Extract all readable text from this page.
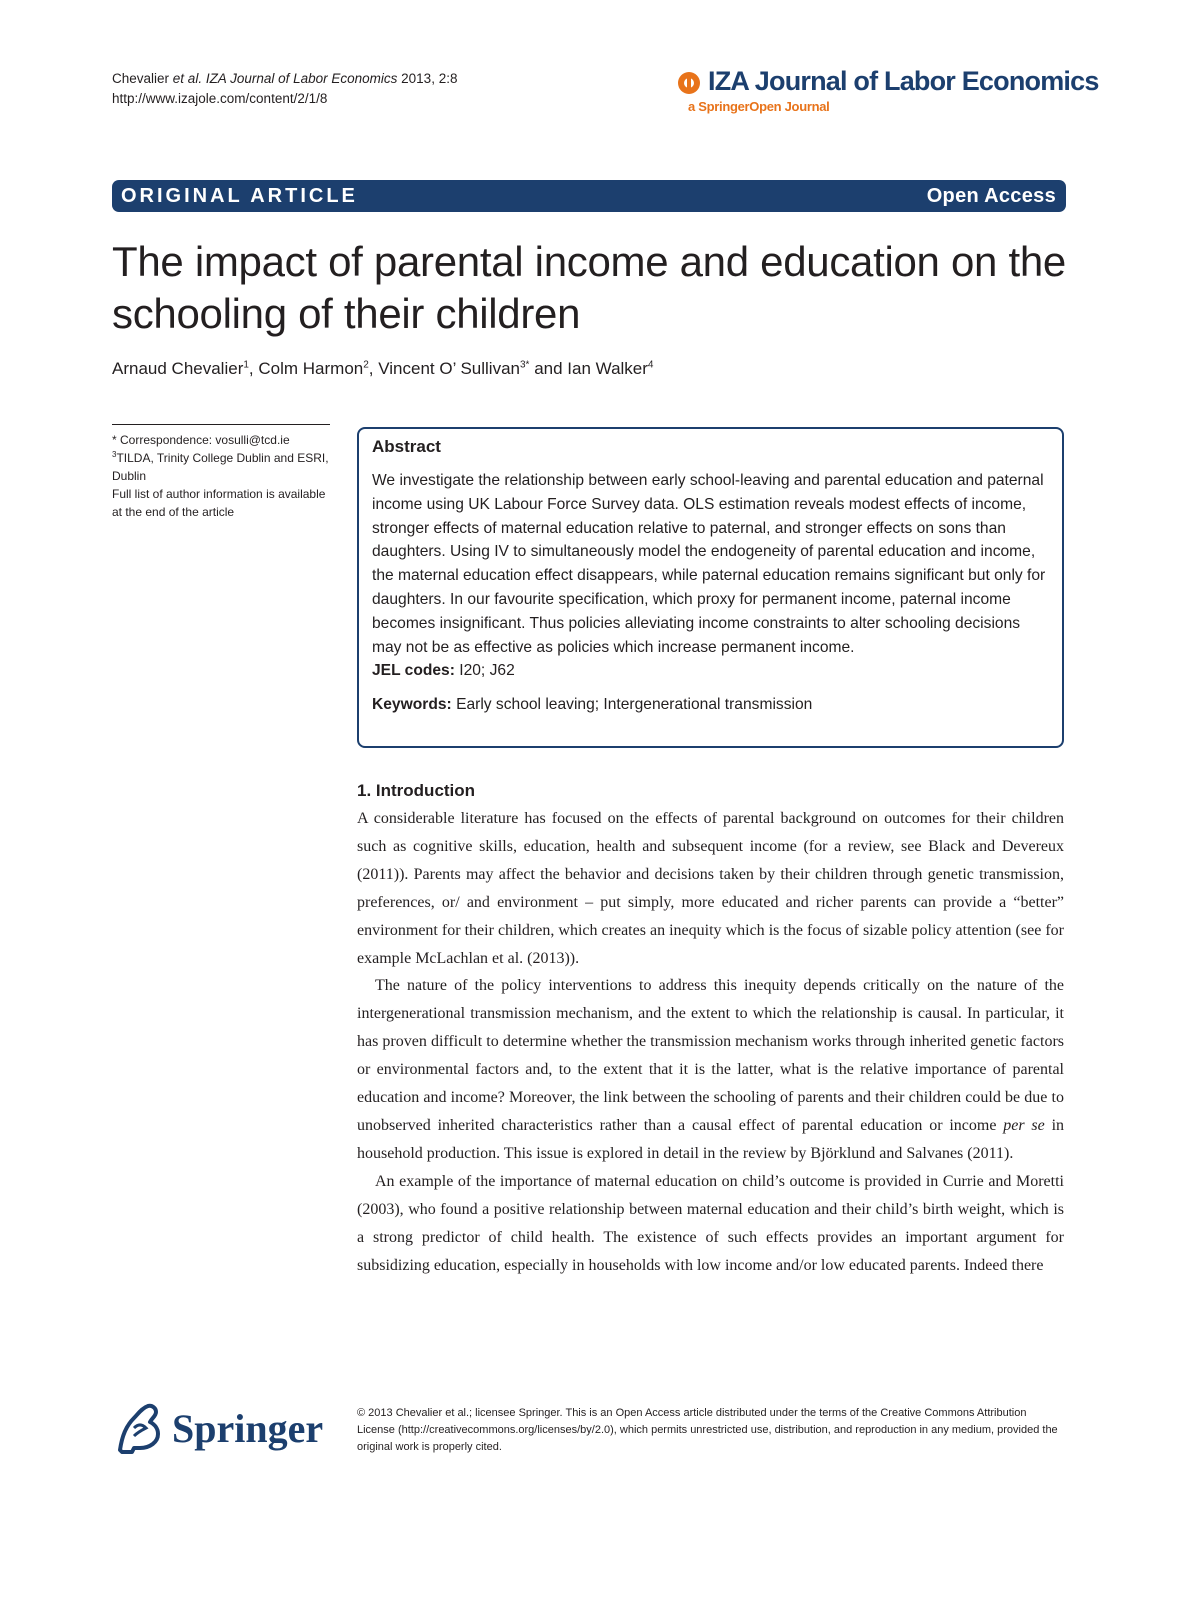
Chevalier et al. IZA Journal of Labor Economics 2013, 2:8
http://www.izajole.com/content/2/1/8
IZA Journal of Labor Economics
a SpringerOpen Journal
ORIGINAL ARTICLE	Open Access
The impact of parental income and education on the schooling of their children
Arnaud Chevalier$^1$, Colm Harmon$^2$, Vincent O’ Sullivan$^{3*}$ and Ian Walker$^4$

* Correspondence: vosulli@tcd.ie

$^3$TILDA, Trinity College Dublin and ESRI, Dublin

Full list of author information is available at the end of the article

Abstract

We investigate the relationship between early school-leaving and parental education and paternal income using UK Labour Force Survey data. OLS estimation reveals modest effects of income, stronger effects of maternal education relative to paternal, and stronger effects on sons than daughters. Using IV to simultaneously model the endogeneity of parental education and income, the maternal education effect disappears, while paternal education remains significant but only for daughters. In our favourite specification, which proxy for permanent income, paternal income becomes insignificant. Thus policies alleviating income constraints to alter schooling decisions may not be as effective as policies which increase permanent income.

JEL codes: I20; J62

Keywords: Early school leaving; Intergenerational transmission

1. Introduction

A considerable literature has focused on the effects of parental background on outcomes for their children such as cognitive skills, education, health and subsequent income (for a review, see Black and Devereux (2011)). Parents may affect the behavior and decisions taken by their children through genetic transmission, preferences, or/ and environment – put simply, more educated and richer parents can provide a “better” environment for their children, which creates an inequity which is the focus of sizable policy attention (see for example McLachlan et al. (2013)).

The nature of the policy interventions to address this inequity depends critically on the nature of the intergenerational transmission mechanism, and the extent to which the relationship is causal. In particular, it has proven difficult to determine whether the transmission mechanism works through inherited genetic factors or environmental factors and, to the extent that it is the latter, what is the relative importance of parental education and income? Moreover, the link between the schooling of parents and their children could be due to unobserved inherited characteristics rather than a causal effect of parental education or income per se in household production. This issue is explored in detail in the review by Björklund and Salvanes (2011).

An example of the importance of maternal education on child’s outcome is provided in Currie and Moretti (2003), who found a positive relationship between maternal education and their child’s birth weight, which is a strong predictor of child health. The existence of such effects provides an important argument for subsidizing education, especially in households with low income and/or low educated parents. Indeed there

Springer	© 2013 Chevalier et al.; licensee Springer. This is an Open Access article distributed under the terms of the Creative Commons Attribution License (http://creativecommons.org/licenses/by/2.0), which permits unrestricted use, distribution, and reproduction in any medium, provided the original work is properly cited.
